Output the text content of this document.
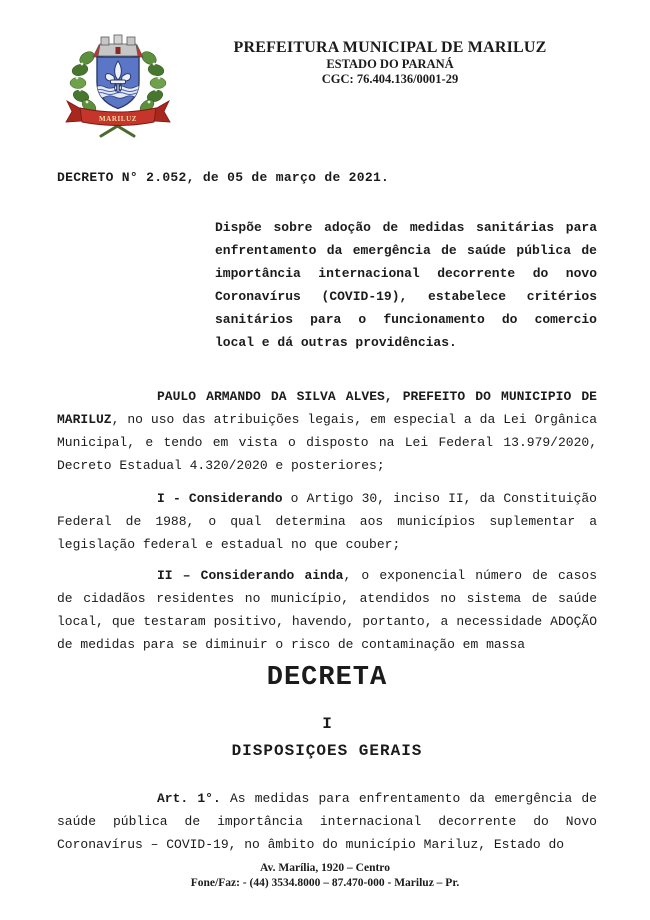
MARILUZ
PREFEITURA MUNICIPAL DE MARILUZ
ESTADO DO PARANÁ
CGC: 76.404.136/0001-29

DECRETO N° 2.052, de 05 de março de 2021.

Dispõe sobre adoção de medidas sanitárias para enfrentamento da emergência de saúde pública de importância internacional decorrente do novo Coronavírus (COVID-19), estabelece critérios sanitários para o funcionamento do comercio local e dá outras providências.

PAULO ARMANDO DA SILVA ALVES, PREFEITO DO MUNICIPIO DE MARILUZ, no uso das atribuições legais, em especial a da Lei Orgânica Municipal, e tendo em vista o disposto na Lei Federal 13.979/2020, Decreto Estadual 4.320/2020 e posteriores;

I - Considerando o Artigo 30, inciso II, da Constituição Federal de 1988, o qual determina aos municípios suplementar a legislação federal e estadual no que couber;

II – Considerando ainda, o exponencial número de casos de cidadãos residentes no município, atendidos no sistema de saúde local, que testaram positivo, havendo, portanto, a necessidade ADOÇÃO de medidas para se diminuir o risco de contaminação em massa

DECRETA
I
DISPOSIÇOES GERAIS

Art. 1°. As medidas para enfrentamento da emergência de saúde pública de importância internacional decorrente do Novo Coronavírus – COVID-19, no âmbito do município Mariluz, Estado do

Av. Marília, 1920 – Centro
Fone/Faz: - (44) 3534.8000 – 87.470-000 - Mariluz – Pr.
